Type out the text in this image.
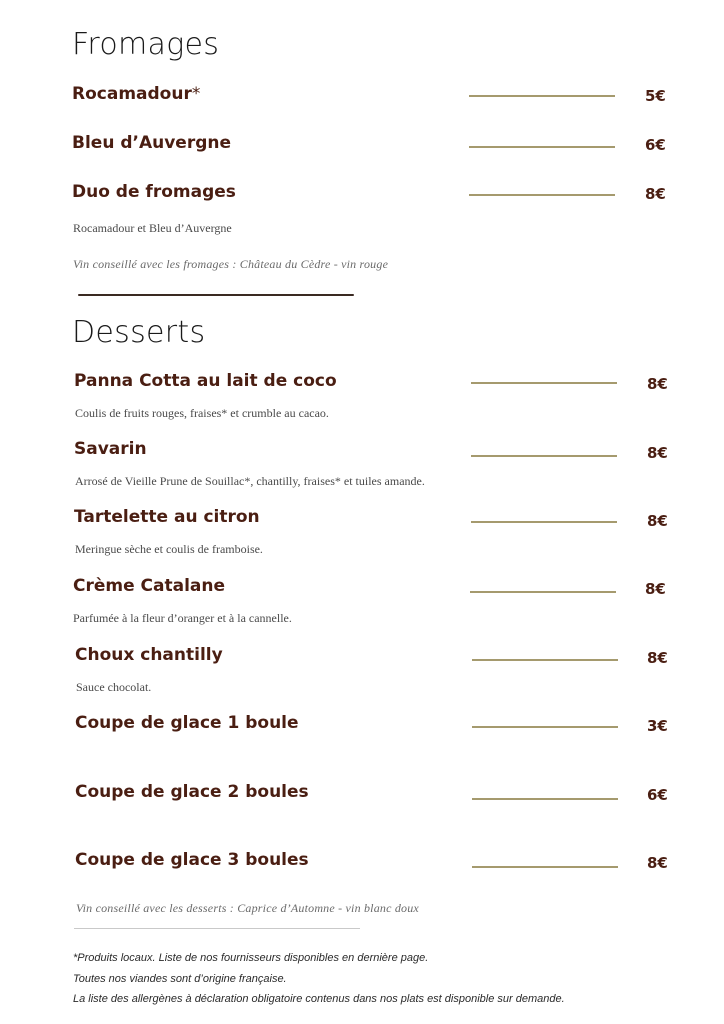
Fromages
Rocamadour*	5€
Bleu d’Auvergne	6€
Duo de fromages	8€
Rocamadour et Bleu d’Auvergne
Vin conseillé avec les fromages : Château du Cèdre - vin rouge
Desserts
Panna Cotta au lait de coco	8€
Coulis de fruits rouges, fraises* et crumble au cacao.
Savarin	8€
Arrosé de Vieille Prune de Souillac*, chantilly, fraises* et tuiles amande.
Tartelette au citron	8€
Meringue sèche et coulis de framboise.
Crème Catalane	8€
Parfumée à la fleur d’oranger et à la cannelle.
Choux chantilly	8€
Sauce chocolat.
Coupe de glace 1 boule	3€
Coupe de glace 2 boules	6€
Coupe de glace 3 boules	8€
Vin conseillé avec les desserts : Caprice d’Automne - vin blanc doux
*Produits locaux. Liste de nos fournisseurs disponibles en dernière page.
Toutes nos viandes sont d’origine française.
La liste des allergènes à déclaration obligatoire contenus dans nos plats est disponible sur demande.
